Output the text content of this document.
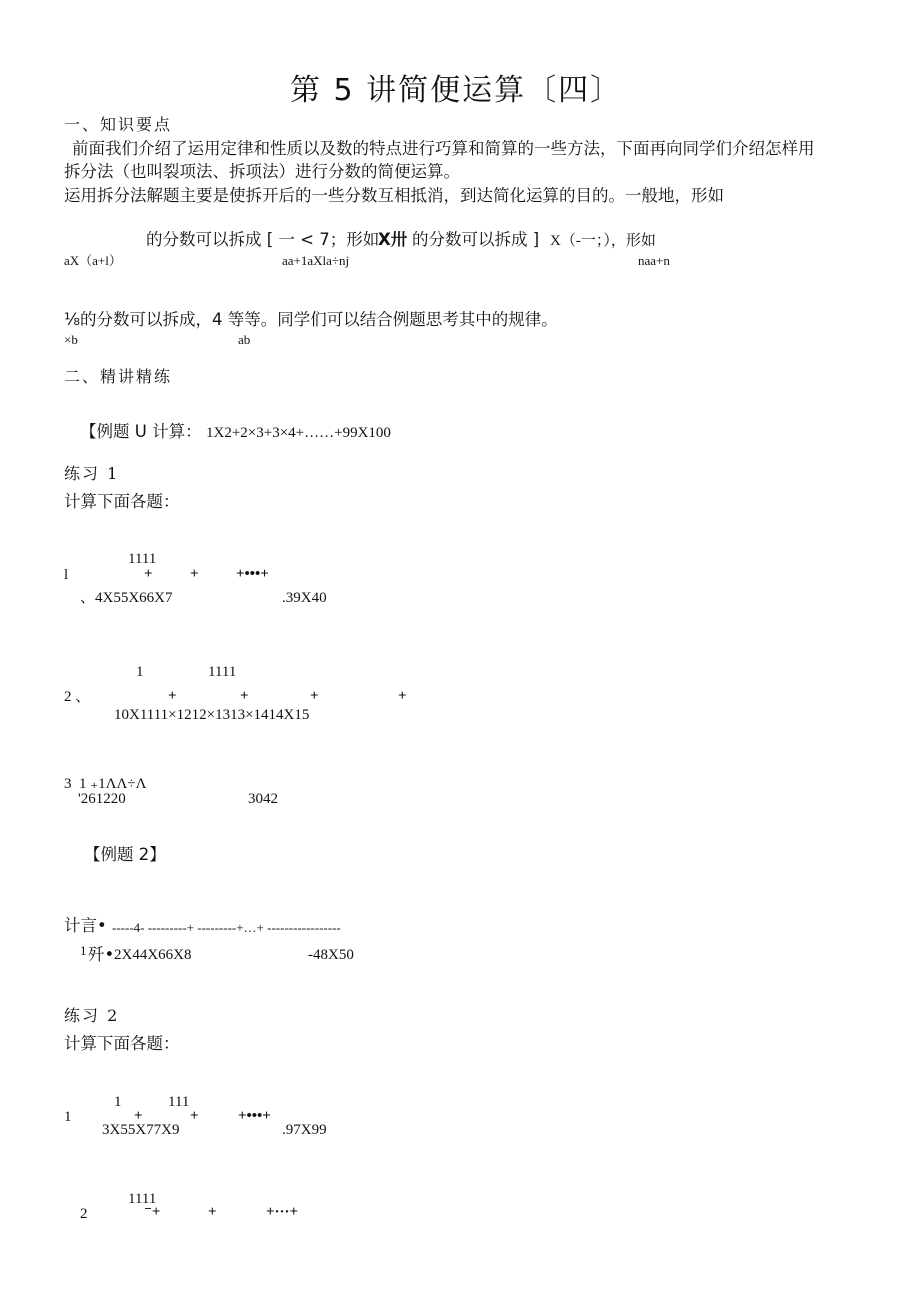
第 5 讲简便运算〔四〕
一、知识要点
前面我们介绍了运用定律和性质以及数的特点进行巧算和简算的一些方法，下面再向同学们介绍怎样用
拆分法（也叫裂项法、拆项法）进行分数的简便运算。
运用拆分法解题主要是使拆开后的一些分数互相抵消，到达简化运算的目的。一般地，形如
的分数可以拆成 [ 一 < 7；形如
X卅 的分数可以拆成 ] X（-一；），形如
aX（a+l）	aa+1aXla÷nj	naa+n
⅛的分数可以拆成，4 等等。同学们可以结合例题思考其中的规律。
×b	ab
二、精讲精练
【例题 U 计算： 1X2+2×3+3×4+……+99X100
练习 1
计算下面各题：
1111
l	+ + +•••+
、4X55X66X7	.39X40
1	1111
2 、	+	+	+	+
10X1111×1212×1313×1414X15
3  1 ₊1ΛΛ÷Λ
'261220	3042
【例题 2】
计言• -----4- ---------+ ---------+…+ -----------------
1 歼• 2X44X66X8	-48X50
练习 2
计算下面各题：
1	111
1	+	+	+•••+
3X55X77X9	.97X99
1111
2	⁻+	+	+···+
